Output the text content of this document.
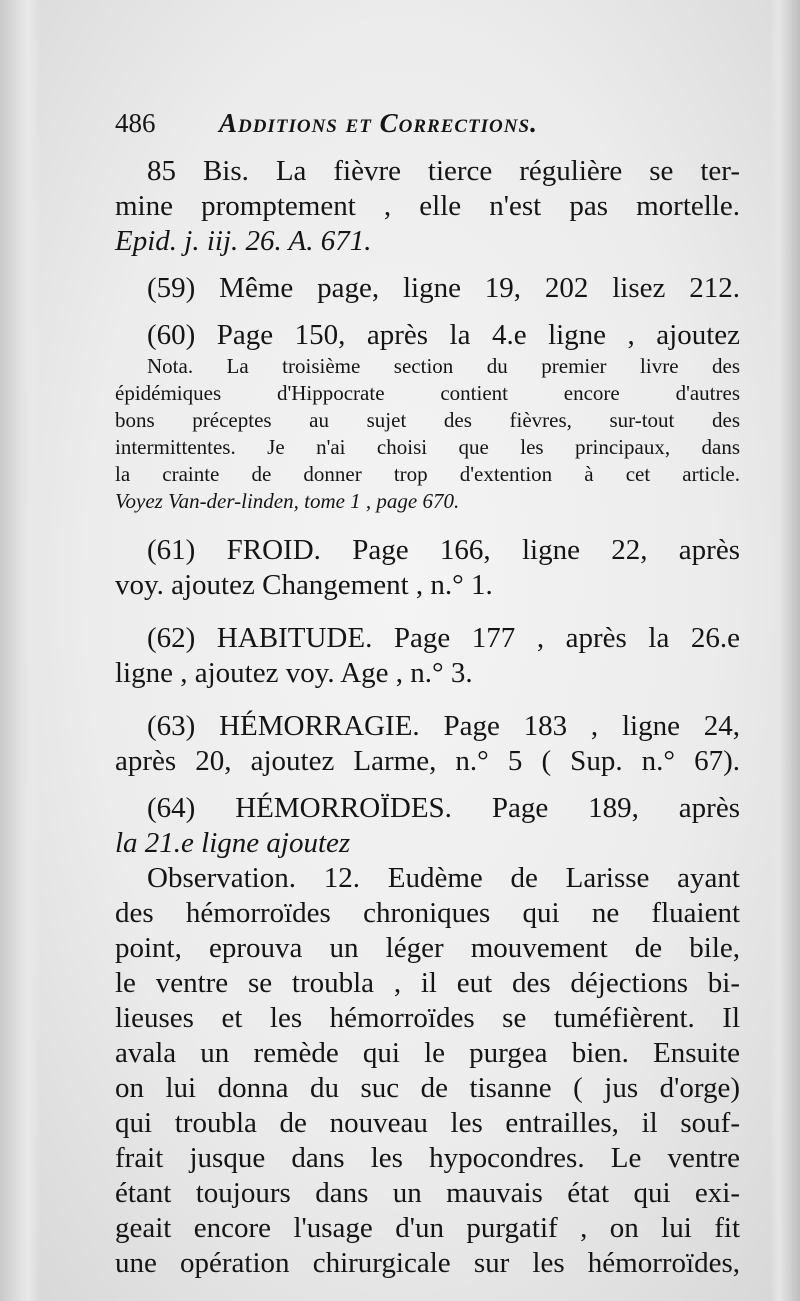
486	Additions et Corrections.
85 Bis. La fièvre tierce régulière se ter-
mine promptement , elle n'est pas mortelle.
Epid. j. iij. 26. A. 671.
(59) Même page, ligne 19, 202 lisez 212.
(60) Page 150, après la 4.e ligne , ajoutez
Nota. La troisième section du premier livre des
épidémiques d'Hippocrate contient encore d'autres
bons préceptes au sujet des fièvres, sur-tout des
intermittentes. Je n'ai choisi que les principaux, dans
la crainte de donner trop d'extention à cet article.
Voyez Van-der-linden, tome 1 , page 670.
(61) FROID. Page 166, ligne 22, après
voy. ajoutez Changement , n.° 1.
(62) HABITUDE. Page 177 , après la 26.e
ligne , ajoutez voy. Age , n.° 3.
(63) HÉMORRAGIE. Page 183 , ligne 24,
après 20, ajoutez Larme, n.° 5 ( Sup. n.° 67).
(64) HÉMORROÏDES. Page 189, après
la 21.e ligne ajoutez
Observation. 12. Eudème de Larisse ayant
des hémorroïdes chroniques qui ne fluaient
point, eprouva un léger mouvement de bile,
le ventre se troubla , il eut des déjections bi-
lieuses et les hémorroïdes se tuméfièrent. Il
avala un remède qui le purgea bien. Ensuite
on lui donna du suc de tisanne ( jus d'orge)
qui troubla de nouveau les entrailles, il souf-
frait jusque dans les hypocondres. Le ventre
étant toujours dans un mauvais état qui exi-
geait encore l'usage d'un purgatif , on lui fit
une opération chirurgicale sur les hémorroïdes,
